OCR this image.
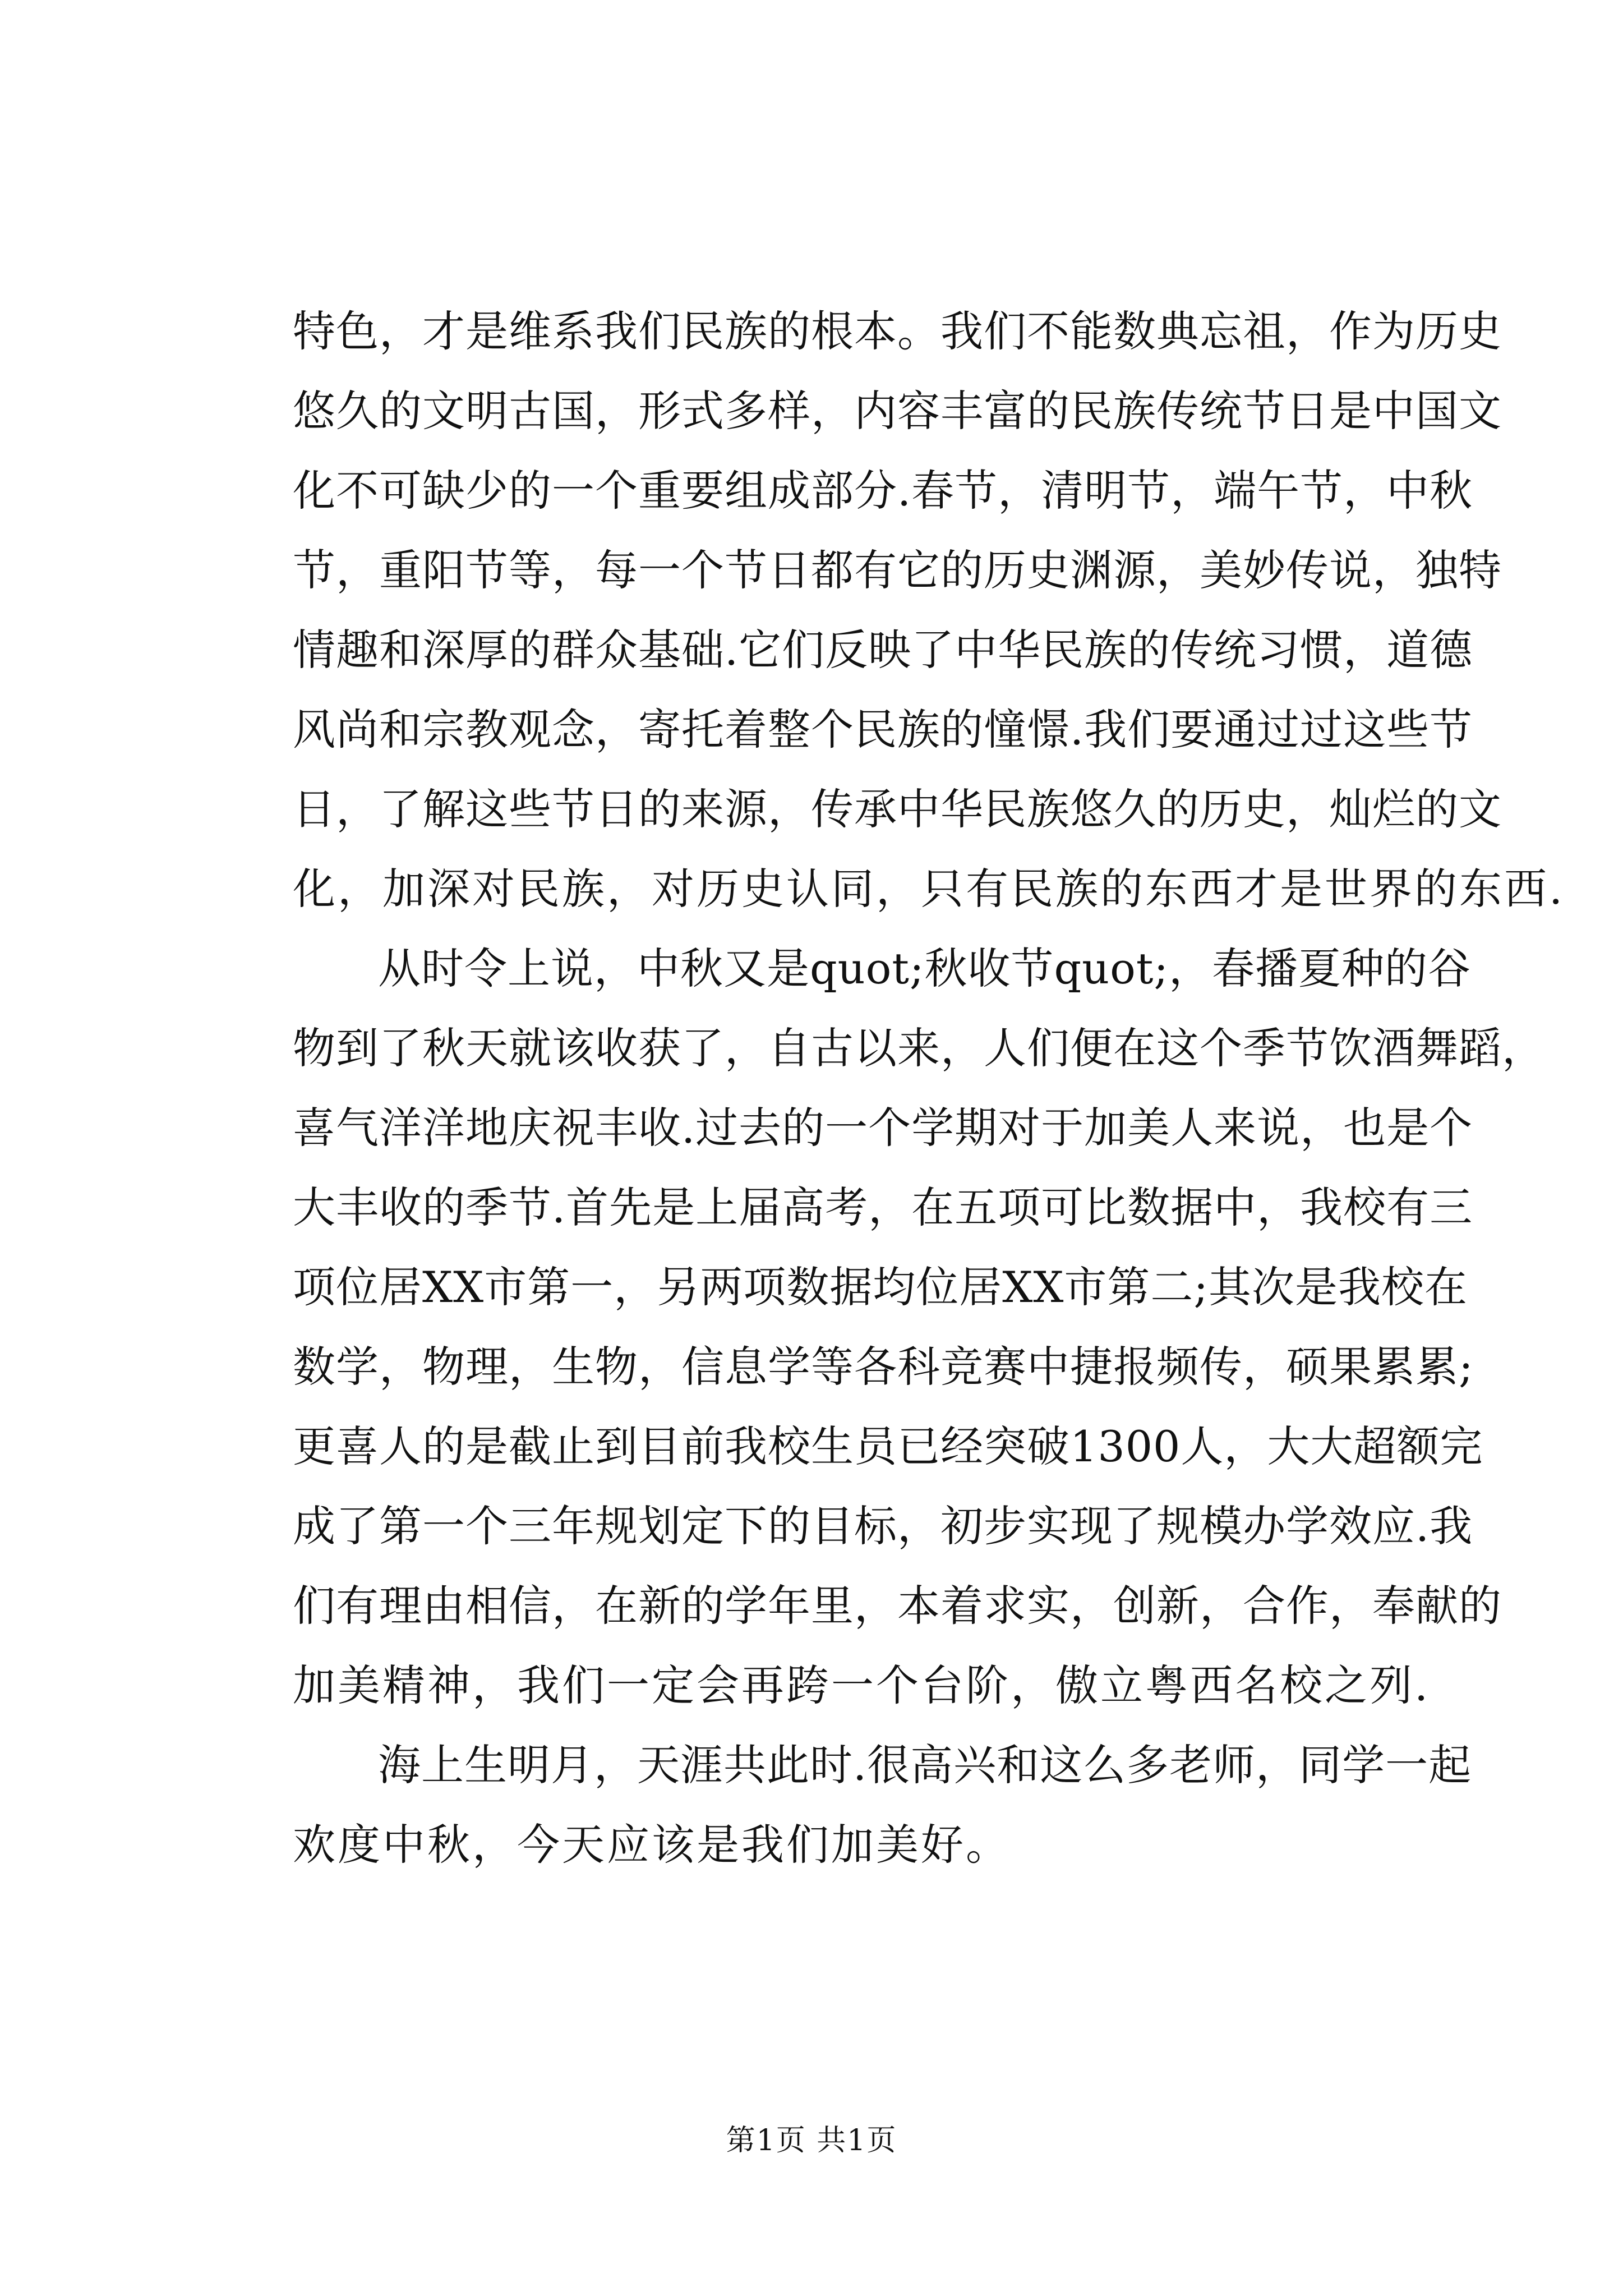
特色，才是维系我们民族的根本。我们不能数典忘祖，作为历史
悠久的文明古国，形式多样，内容丰富的民族传统节日是中国文
化不可缺少的一个重要组成部分.春节，清明节，端午节，中秋
节，重阳节等，每一个节日都有它的历史渊源，美妙传说，独特
情趣和深厚的群众基础.它们反映了中华民族的传统习惯，道德
风尚和宗教观念，寄托着整个民族的憧憬.我们要通过过这些节
日，了解这些节日的来源，传承中华民族悠久的历史，灿烂的文
化，加深对民族，对历史认同，只有民族的东西才是世界的东西.
从时令上说，中秋又是quot;秋收节quot;，春播夏种的谷
物到了秋天就该收获了，自古以来，人们便在这个季节饮酒舞蹈，
喜气洋洋地庆祝丰收.过去的一个学期对于加美人来说，也是个
大丰收的季节.首先是上届高考，在五项可比数据中，我校有三
项位居XX市第一，另两项数据均位居XX市第二;其次是我校在
数学，物理，生物，信息学等各科竞赛中捷报频传，硕果累累;
更喜人的是截止到目前我校生员已经突破1300人，大大超额完
成了第一个三年规划定下的目标，初步实现了规模办学效应.我
们有理由相信，在新的学年里，本着求实，创新，合作，奉献的
加美精神，我们一定会再跨一个台阶，傲立粤西名校之列.
海上生明月，天涯共此时.很高兴和这么多老师，同学一起
欢度中秋，今天应该是我们加美好。
第1页 共1页
